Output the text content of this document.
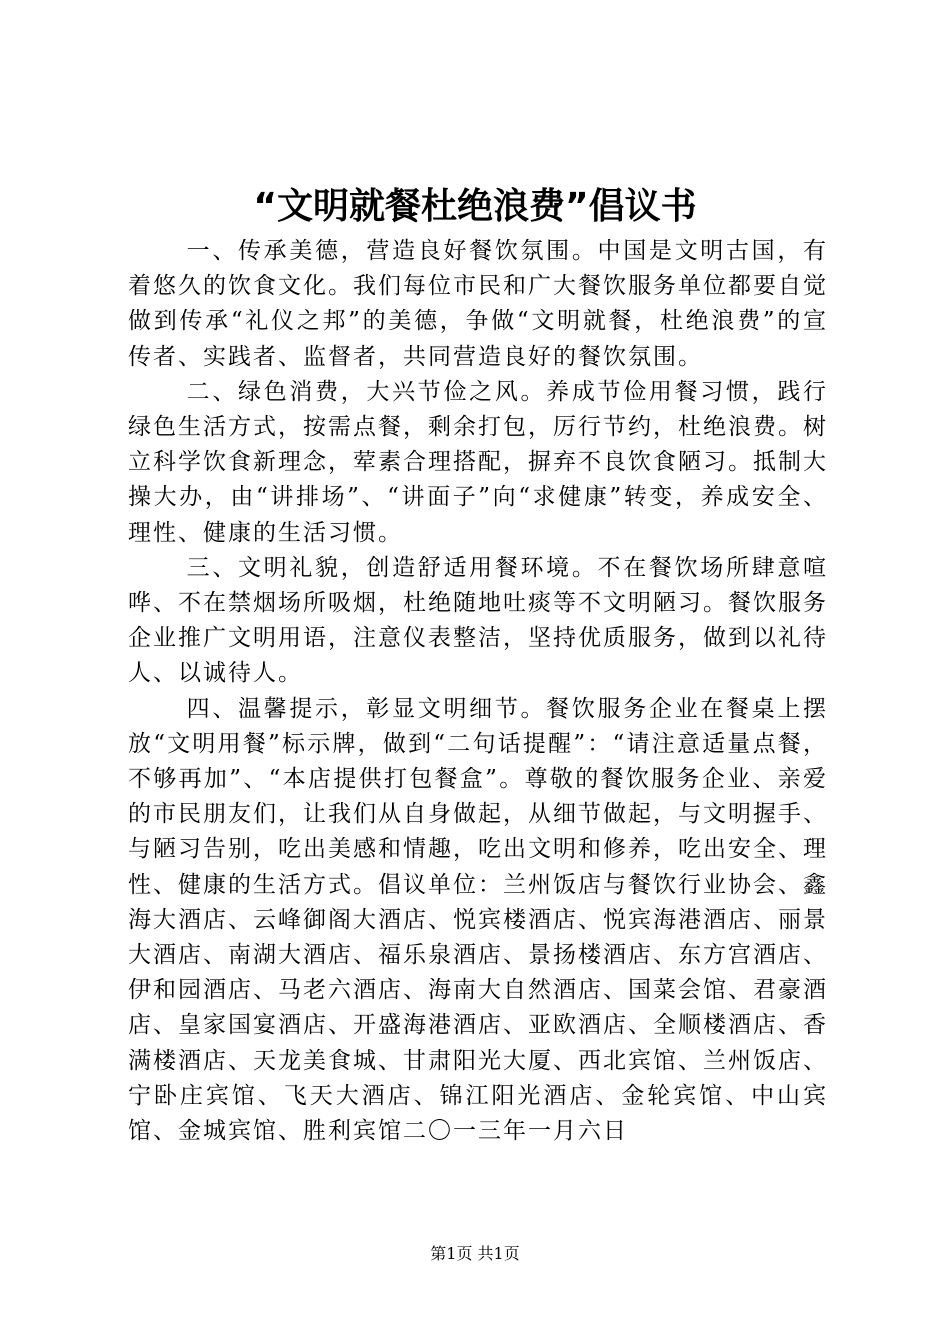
“文明就餐杜绝浪费”倡议书

一、传承美德，营造良好餐饮氛围。中国是文明古国，有着悠久的饮食文化。我们每位市民和广大餐饮服务单位都要自觉做到传承“礼仪之邦”的美德，争做“文明就餐，杜绝浪费”的宣传者、实践者、监督者，共同营造良好的餐饮氛围。

二、绿色消费，大兴节俭之风。养成节俭用餐习惯，践行绿色生活方式，按需点餐，剩余打包，厉行节约，杜绝浪费。树立科学饮食新理念，荤素合理搭配，摒弃不良饮食陋习。抵制大操大办，由“讲排场”、“讲面子”向“求健康”转变，养成安全、理性、健康的生活习惯。

三、文明礼貌，创造舒适用餐环境。不在餐饮场所肆意喧哗、不在禁烟场所吸烟，杜绝随地吐痰等不文明陋习。餐饮服务企业推广文明用语，注意仪表整洁，坚持优质服务，做到以礼待人、以诚待人。

四、温馨提示，彰显文明细节。餐饮服务企业在餐桌上摆放“文明用餐”标示牌，做到“二句话提醒”：“请注意适量点餐，不够再加”、“本店提供打包餐盒”。尊敬的餐饮服务企业、亲爱的市民朋友们，让我们从自身做起，从细节做起，与文明握手、与陋习告别，吃出美感和情趣，吃出文明和修养，吃出安全、理性、健康的生活方式。倡议单位：兰州饭店与餐饮行业协会、鑫海大酒店、云峰御阁大酒店、悦宾楼酒店、悦宾海港酒店、丽景大酒店、南湖大酒店、福乐泉酒店、景扬楼酒店、东方宫酒店、伊和园酒店、马老六酒店、海南大自然酒店、国菜会馆、君豪酒店、皇家国宴酒店、开盛海港酒店、亚欧酒店、全顺楼酒店、香满楼酒店、天龙美食城、甘肃阳光大厦、西北宾馆、兰州饭店、宁卧庄宾馆、飞天大酒店、锦江阳光酒店、金轮宾馆、中山宾馆、金城宾馆、胜利宾馆二〇一三年一月六日

第1页 共1页
